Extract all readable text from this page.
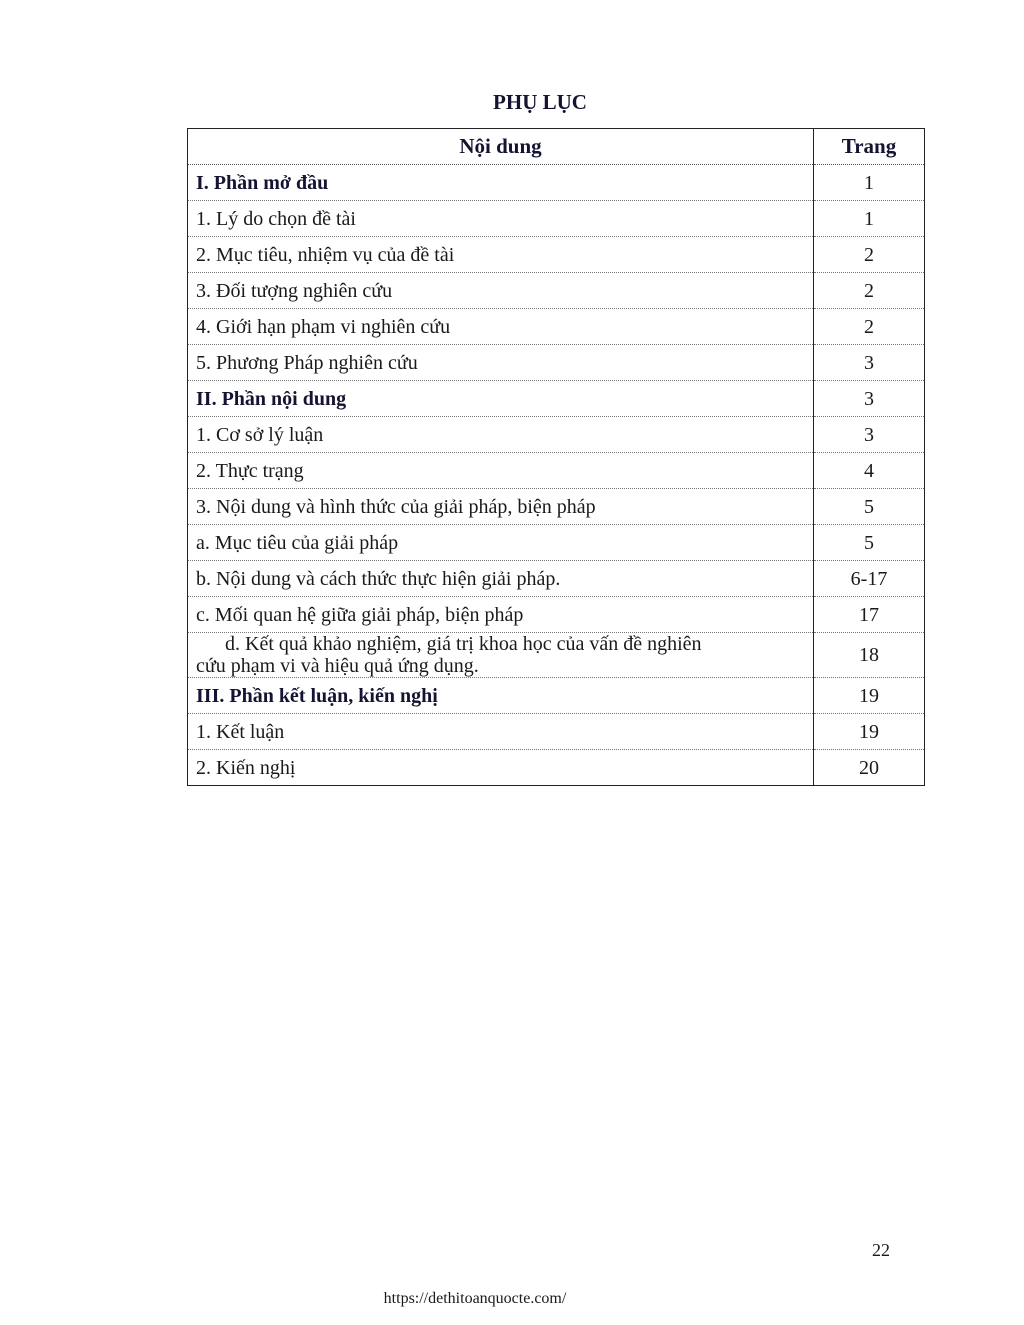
PHỤ LỤC
Nội dung	Trang
I. Phần mở đầu	1
1. Lý do chọn đề tài	1
2. Mục tiêu, nhiệm vụ của đề tài	2
3. Đối tượng nghiên cứu	2
4. Giới hạn phạm vi nghiên cứu	2
5. Phương Pháp nghiên cứu	3
II. Phần nội dung	3
1. Cơ sở lý luận	3
2. Thực trạng	4
3. Nội dung và hình thức của giải pháp, biện pháp	5
a. Mục tiêu của giải pháp	5
b. Nội dung và cách thức thực hiện giải pháp.	6-17
c. Mối quan hệ giữa giải pháp, biện pháp	17

d. Kết quả khảo nghiệm, giá trị khoa học của vấn đề nghiên
cứu phạm vi và hiệu quả ứng dụng.	18
III. Phần kết luận, kiến nghị	19
1. Kết luận	19
2. Kiến nghị	20
22
https://dethitoanquocte.com/
